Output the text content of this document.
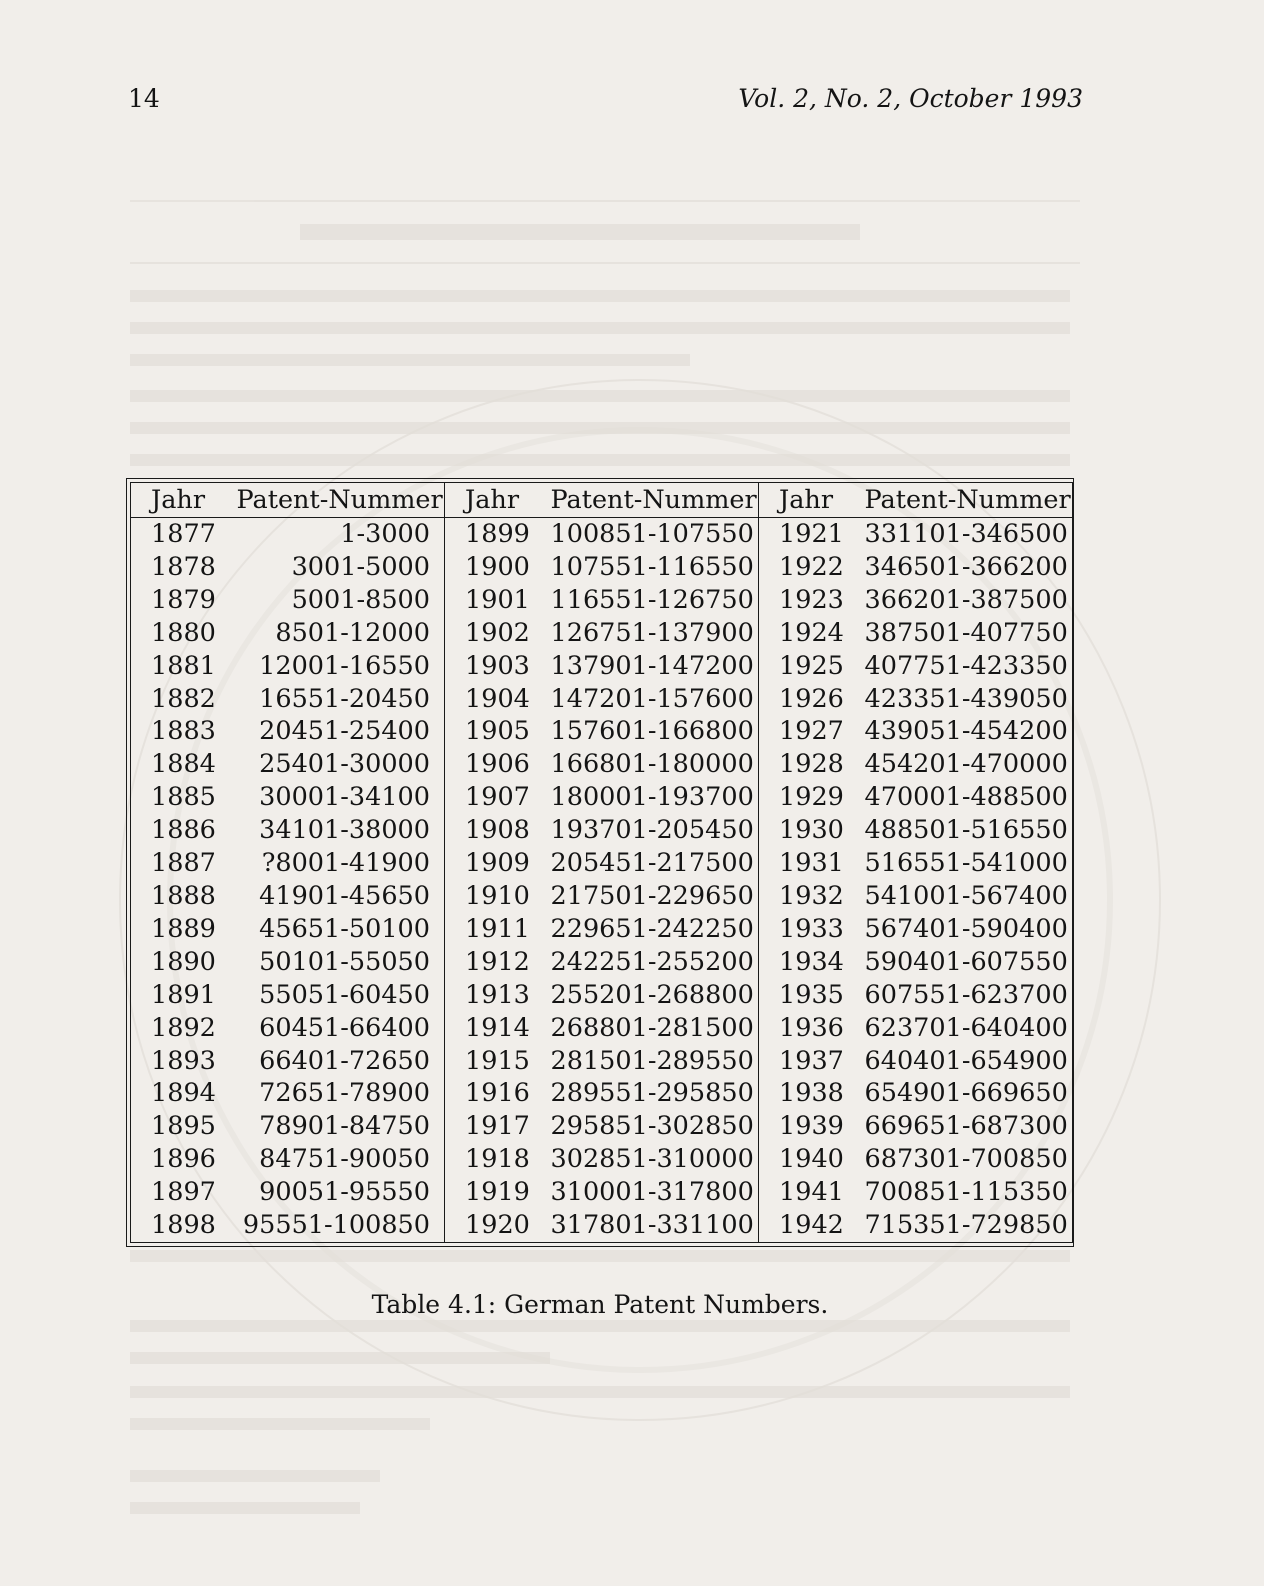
14	Vol. 2, No. 2, October 1993
Jahr	Patent-Nummer	Jahr	Patent-Nummer	Jahr	Patent-Nummer
1877	1-3000	1899	100851-107550	1921	331101-346500
1878	3001-5000	1900	107551-116550	1922	346501-366200
1879	5001-8500	1901	116551-126750	1923	366201-387500
1880	8501-12000	1902	126751-137900	1924	387501-407750
1881	12001-16550	1903	137901-147200	1925	407751-423350
1882	16551-20450	1904	147201-157600	1926	423351-439050
1883	20451-25400	1905	157601-166800	1927	439051-454200
1884	25401-30000	1906	166801-180000	1928	454201-470000
1885	30001-34100	1907	180001-193700	1929	470001-488500
1886	34101-38000	1908	193701-205450	1930	488501-516550
1887	?8001-41900	1909	205451-217500	1931	516551-541000
1888	41901-45650	1910	217501-229650	1932	541001-567400
1889	45651-50100	1911	229651-242250	1933	567401-590400
1890	50101-55050	1912	242251-255200	1934	590401-607550
1891	55051-60450	1913	255201-268800	1935	607551-623700
1892	60451-66400	1914	268801-281500	1936	623701-640400
1893	66401-72650	1915	281501-289550	1937	640401-654900
1894	72651-78900	1916	289551-295850	1938	654901-669650
1895	78901-84750	1917	295851-302850	1939	669651-687300
1896	84751-90050	1918	302851-310000	1940	687301-700850
1897	90051-95550	1919	310001-317800	1941	700851-115350
1898	95551-100850	1920	317801-331100	1942	715351-729850
Table 4.1: German Patent Numbers.
